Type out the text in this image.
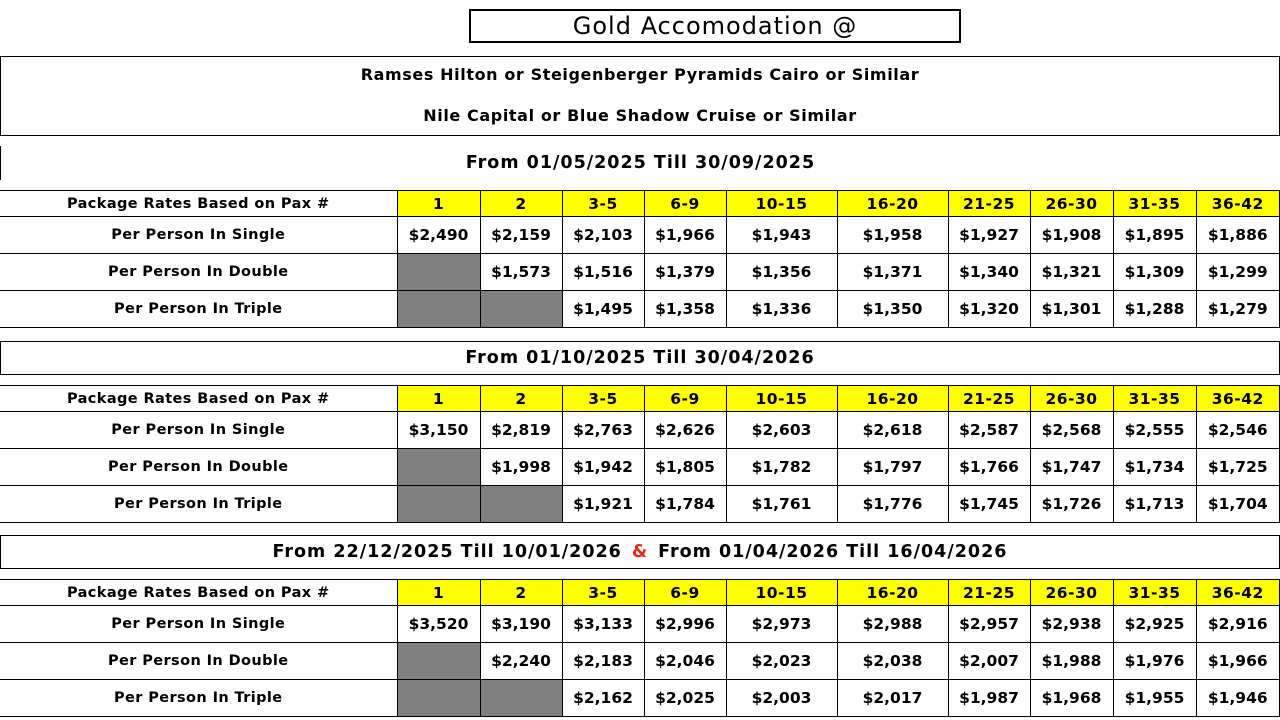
Gold Accomodation @
Ramses Hilton or Steigenberger Pyramids Cairo or Similar
Nile Capital or Blue Shadow Cruise or Similar
From 01/05/2025 Till 30/09/2025
Package Rates Based on Pax #	1	2	3-5	6-9	10-15	16-20	21-25	26-30	31-35	36-42
Per Person In Single	$2,490	$2,159	$2,103	$1,966	$1,943	$1,958	$1,927	$1,908	$1,895	$1,886
Per Person In Double		$1,573	$1,516	$1,379	$1,356	$1,371	$1,340	$1,321	$1,309	$1,299
Per Person In Triple			$1,495	$1,358	$1,336	$1,350	$1,320	$1,301	$1,288	$1,279
From 01/10/2025 Till 30/04/2026
Package Rates Based on Pax #	1	2	3-5	6-9	10-15	16-20	21-25	26-30	31-35	36-42
Per Person In Single	$3,150	$2,819	$2,763	$2,626	$2,603	$2,618	$2,587	$2,568	$2,555	$2,546
Per Person In Double		$1,998	$1,942	$1,805	$1,782	$1,797	$1,766	$1,747	$1,734	$1,725
Per Person In Triple			$1,921	$1,784	$1,761	$1,776	$1,745	$1,726	$1,713	$1,704
From 22/12/2025 Till 10/01/2026 & From 01/04/2026 Till 16/04/2026
Package Rates Based on Pax #	1	2	3-5	6-9	10-15	16-20	21-25	26-30	31-35	36-42
Per Person In Single	$3,520	$3,190	$3,133	$2,996	$2,973	$2,988	$2,957	$2,938	$2,925	$2,916
Per Person In Double		$2,240	$2,183	$2,046	$2,023	$2,038	$2,007	$1,988	$1,976	$1,966
Per Person In Triple			$2,162	$2,025	$2,003	$2,017	$1,987	$1,968	$1,955	$1,946
